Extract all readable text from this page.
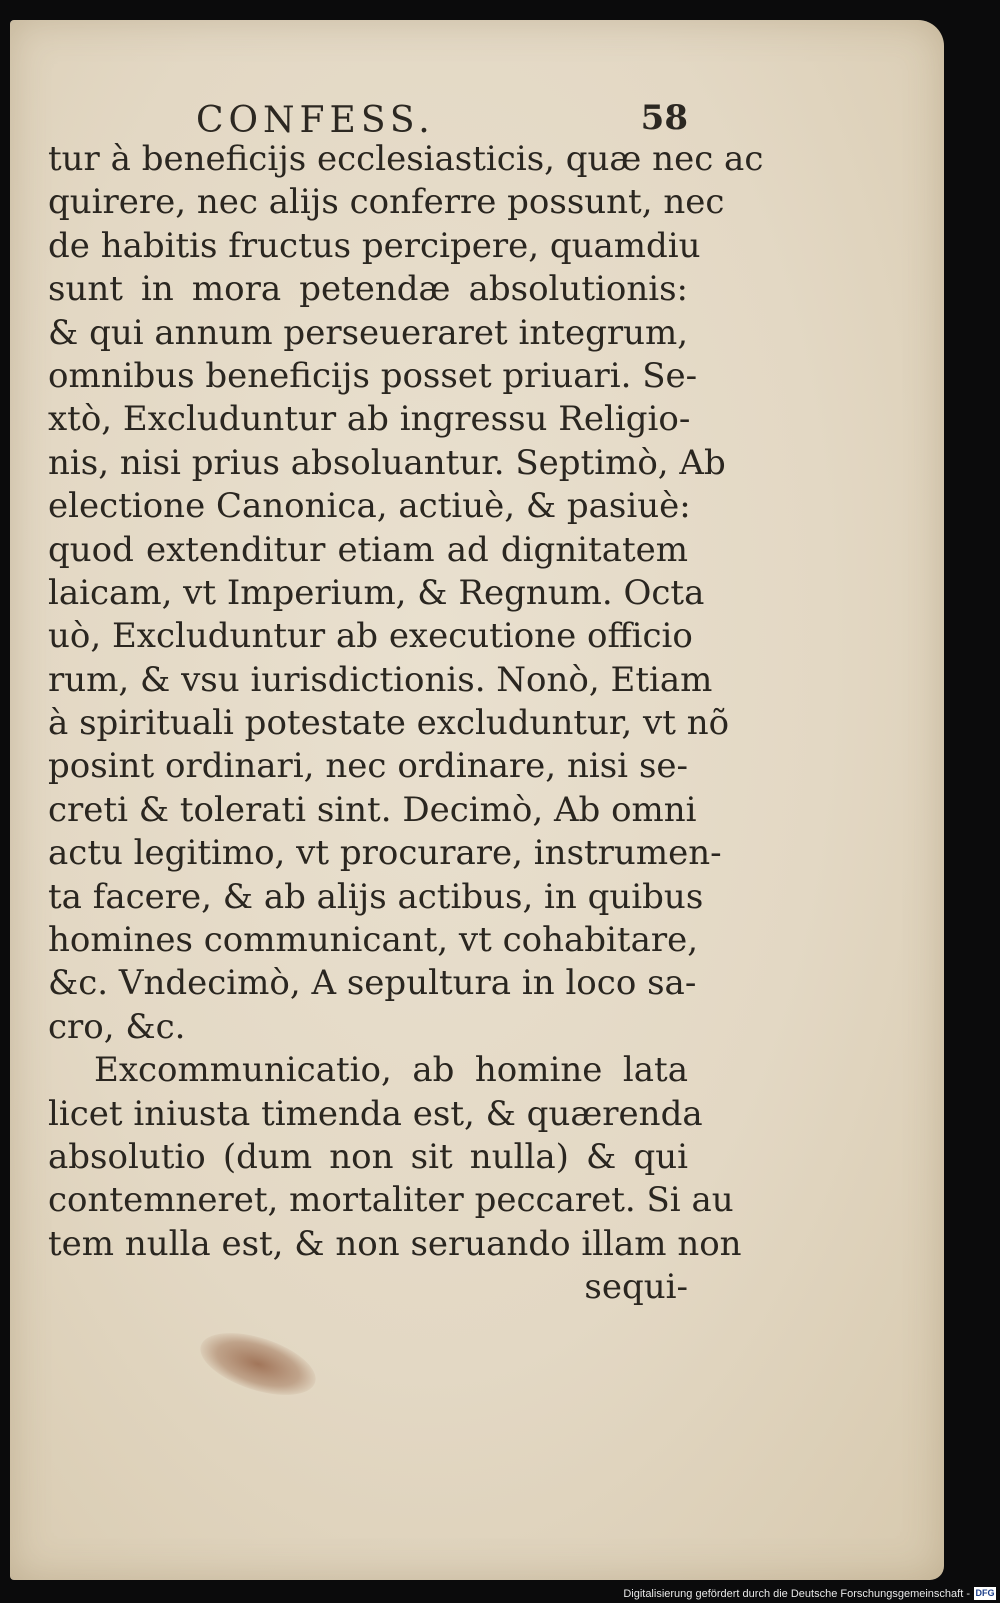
CONFESS.	58
tur à beneficijs ecclesiasticis, quæ nec ac
quirere, nec alijs conferre possunt, nec
de habitis fructus percipere, quamdiu
sunt in mora petendæ absolutionis:
& qui annum perseueraret integrum,
omnibus beneficijs posset priuari. Se-
xtò, Excluduntur ab ingressu Religio-
nis, nisi prius absoluantur. Septimò, Ab
electione Canonica, actiuè, & pasiuè:
quod extenditur etiam ad dignitatem
laicam, vt Imperium, & Regnum. Octa
uò, Excluduntur ab executione officio
rum, & vsu iurisdictionis. Nonò, Etiam
à spirituali potestate excluduntur, vt nõ
posint ordinari, nec ordinare, nisi se-
creti & tolerati sint. Decimò, Ab omni
actu legitimo, vt procurare, instrumen-
ta facere, & ab alijs actibus, in quibus
homines communicant, vt cohabitare,
&c. Vndecimò, A sepultura in loco sa-
cro, &c.
Excommunicatio, ab homine lata
licet iniusta timenda est, & quærenda
absolutio (dum non sit nulla) & qui
contemneret, mortaliter peccaret. Si au
tem nulla est, & non seruando illam non
sequi-
Digitalisierung gefördert durch die Deutsche Forschungsgemeinschaft - DFG
